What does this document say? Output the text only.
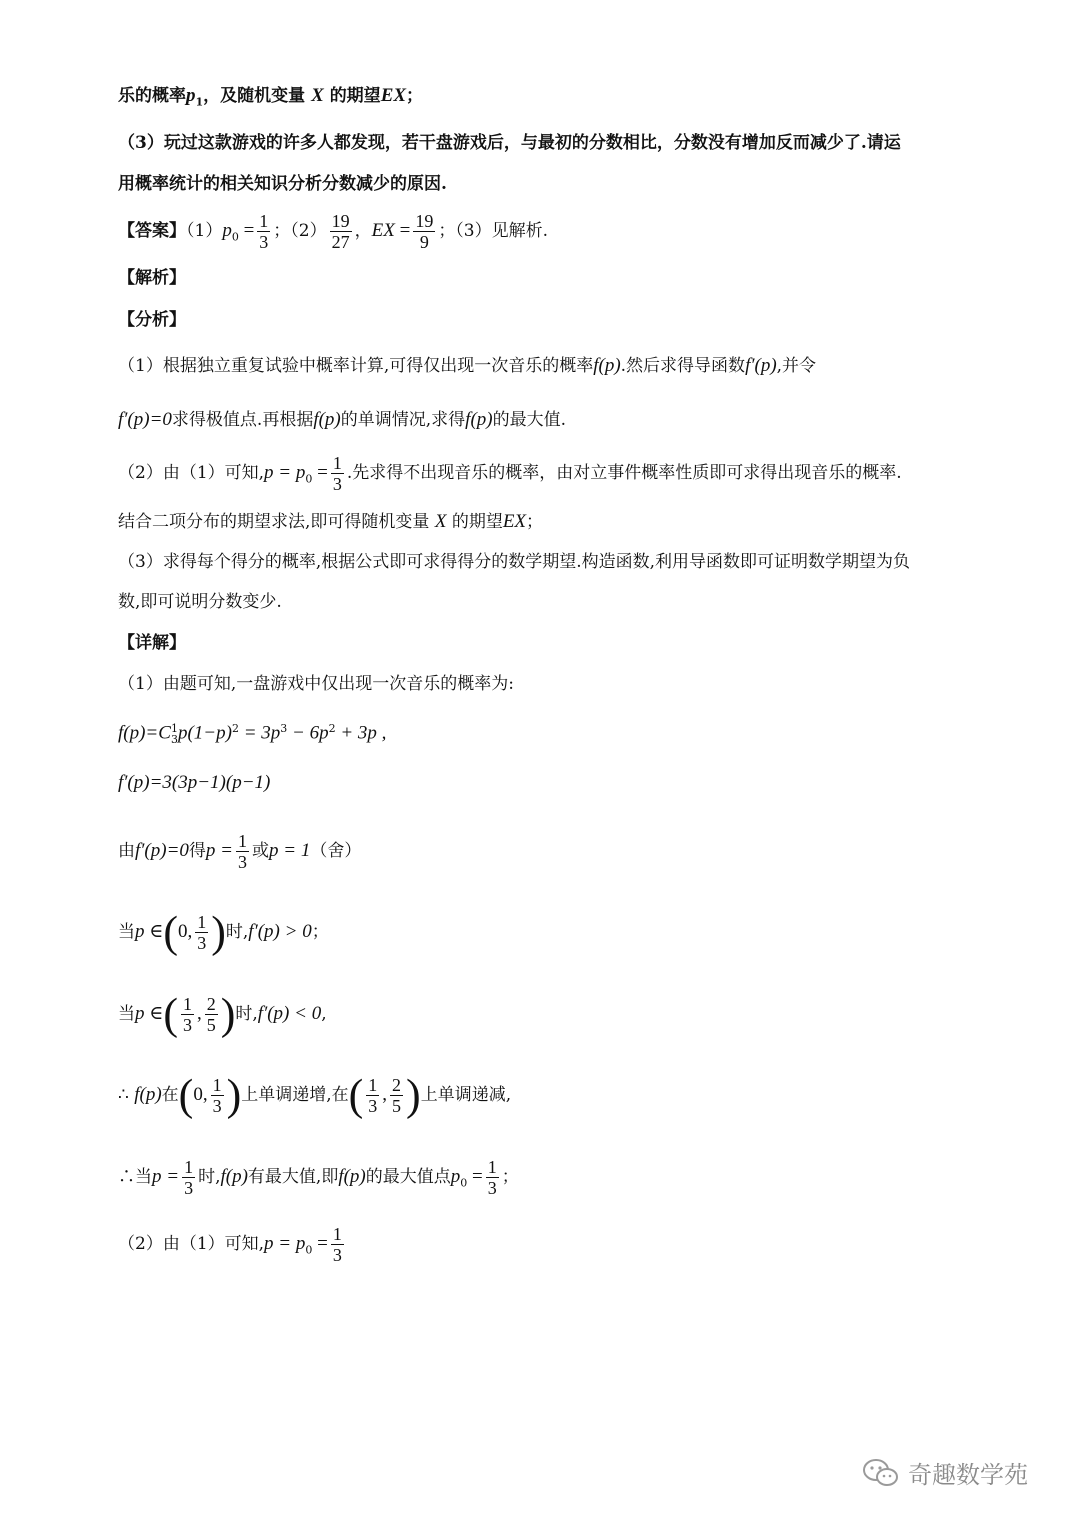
乐的概率$p_1$，及随机变量 X 的期望EX；
（3）玩过这款游戏的许多人都发现，若干盘游戏后，与最初的分数相比，分数没有增加反而减少了.请运
用概率统计的相关知识分析分数减少的原因.
【答案】$(1)p_0 = \frac{1}{3}$ ；$(2) \frac{19}{27}$ ，EX = $\frac{19}{9}$ ；（3）见解析.
【解析】
【分析】
（1）根据独立重复试验中概率计算,可得仅出现一次音乐的概率f(p).然后求得导函数f′(p),并令
f′(p)=0求得极值点.再根据f(p)的单调情况,求得f(p)的最大值.
（2）由（1）可知$,p = p_0 = \frac{1}{3}$ .先求得不出现音乐的概率，由对立事件概率性质即可求得出现音乐的概率.
结合二项分布的期望求法,即可得随机变量 X 的期望EX；
（3）求得每个得分的概率,根据公式即可求得得分的数学期望.构造函数,利用导函数即可证明数学期望为负
数,即可说明分数变少.
【详解】
（1）由题可知,一盘游戏中仅出现一次音乐的概率为:
f(p)=C 1
3 $p(1-p)^2 = 3p^3 - 6p^2 + 3p$ ,
f′(p)=3(3p−1)(p−1)
由f′(p)=0得$p = \frac{1}{3}$ 或p = 1（舍）
当p ∈(0, $\frac{1}{3}$ )时,f′(p) > 0；
当p ∈( $\frac{1}{3}$ , $\frac{2}{5}$ )时,f′(p) < 0,
∴ f(p)在(0, $\frac{1}{3}$ )上单调递增,在( $\frac{1}{3}$ , $\frac{2}{5}$ )上单调递减,
∴当$p = \frac{1}{3}$ 时,f(p)有最大值,即f(p)的最大值点$p_0 = \frac{1}{3}$ ；
（2）由（1）可知$,p = p_0 = \frac{1}{3}$
奇趣数学苑
